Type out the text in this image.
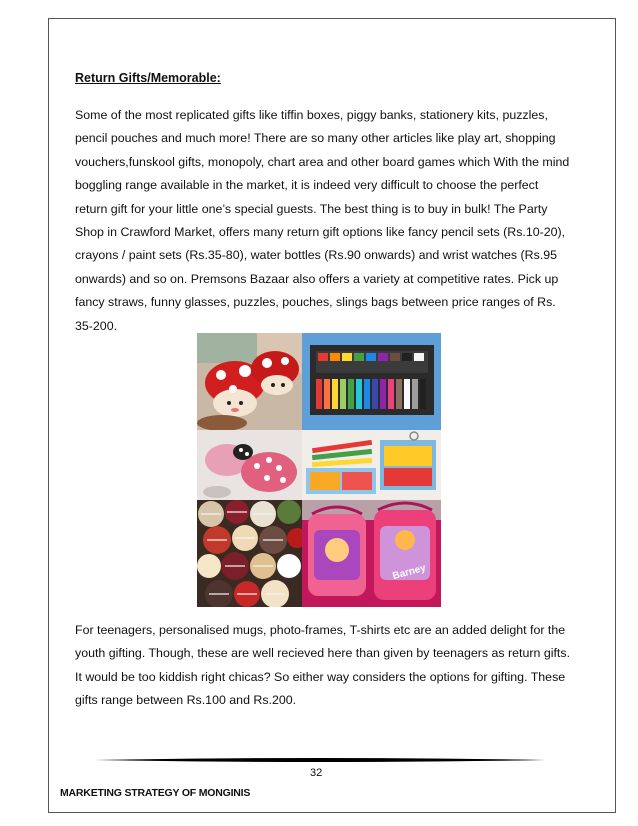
Return Gifts/Memorable:

Some of the most replicated gifts like tiffin boxes, piggy banks, stationery kits, puzzles, pencil pouches and much more! There are so many other articles like play art, shopping vouchers,funskool gifts, monopoly, chart area and other board games which With the mind boggling range available in the market, it is indeed very difficult to choose the perfect return gift for your little one’s special guests. The best thing is to buy in bulk! The Party Shop in Crawford Market, offers many return gift options like fancy pencil sets (Rs.10-20), crayons / paint sets (Rs.35-80), water bottles (Rs.90 onwards) and wrist watches (Rs.95 onwards) and so on. Premsons Bazaar also offers a variety at competitive rates. Pick up fancy straws, funny glasses, puzzles, pouches, slings bags between price ranges of Rs. 35-200.

Barney

For teenagers, personalised mugs, photo-frames, T-shirts etc are an added delight for the youth gifting. Though, these are well recieved here than given by teenagers as return gifts. It would be too kiddish right chicas? So either way considers the options for gifting. These gifts range between Rs.100 and Rs.200.

32
MARKETING STRATEGY OF MONGINIS
